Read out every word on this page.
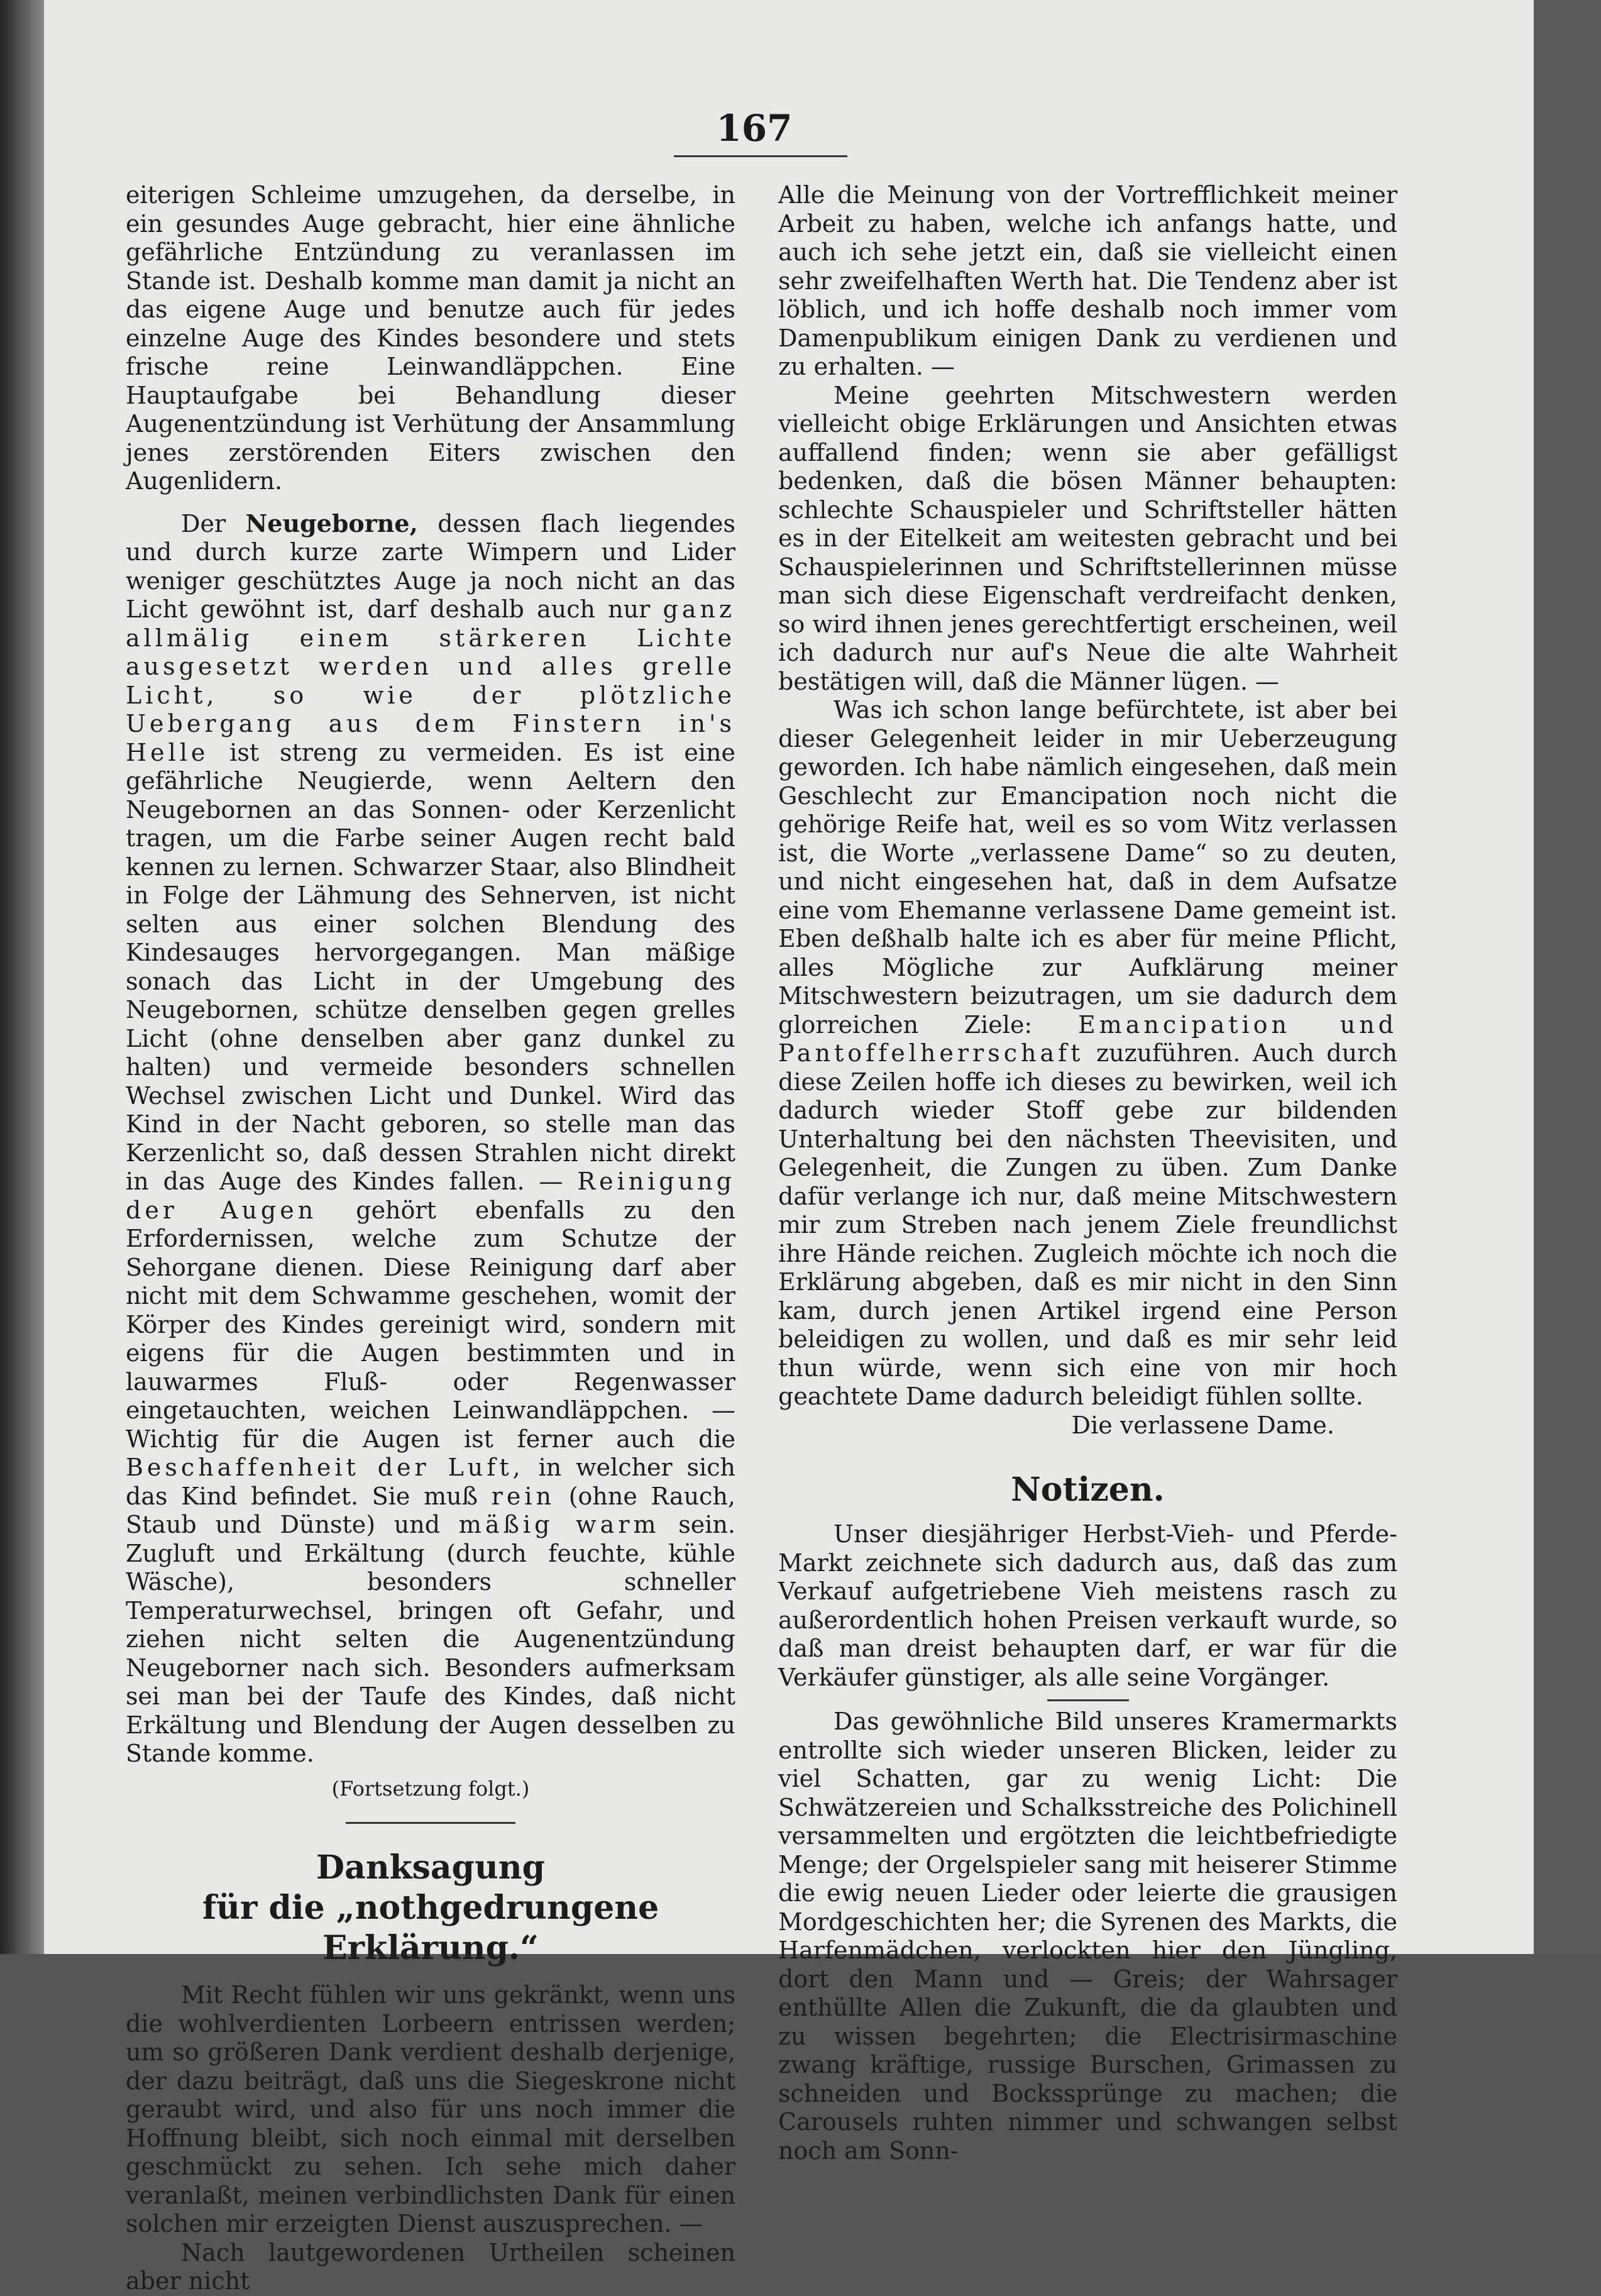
167

eiterigen Schleime umzugehen, da derselbe, in ein gesundes Auge gebracht, hier eine ähnliche gefährliche Entzündung zu veranlassen im Stande ist. Deshalb komme man damit ja nicht an das eigene Auge und benutze auch für jedes einzelne Auge des Kindes besondere und stets frische reine Leinwandläppchen. Eine Hauptaufgabe bei Behandlung dieser Augenentzündung ist Verhütung der Ansammlung jenes zerstörenden Eiters zwischen den Augenlidern.

Der Neugeborne, dessen flach liegendes und durch kurze zarte Wimpern und Lider weniger geschütztes Auge ja noch nicht an das Licht gewöhnt ist, darf deshalb auch nur ganz allmälig einem stärkeren Lichte ausgesetzt werden und alles grelle Licht, so wie der plötzliche Uebergang aus dem Finstern in's Helle ist streng zu vermeiden. Es ist eine gefährliche Neugierde, wenn Aeltern den Neugebornen an das Sonnen- oder Kerzenlicht tragen, um die Farbe seiner Augen recht bald kennen zu lernen. Schwarzer Staar, also Blindheit in Folge der Lähmung des Sehnerven, ist nicht selten aus einer solchen Blendung des Kindesauges hervorgegangen. Man mäßige sonach das Licht in der Umgebung des Neugebornen, schütze denselben gegen grelles Licht (ohne denselben aber ganz dunkel zu halten) und vermeide besonders schnellen Wechsel zwischen Licht und Dunkel. Wird das Kind in der Nacht geboren, so stelle man das Kerzenlicht so, daß dessen Strahlen nicht direkt in das Auge des Kindes fallen. — Reinigung der Augen gehört ebenfalls zu den Erfordernissen, welche zum Schutze der Sehorgane dienen. Diese Reinigung darf aber nicht mit dem Schwamme geschehen, womit der Körper des Kindes gereinigt wird, sondern mit eigens für die Augen bestimmten und in lauwarmes Fluß- oder Regenwasser eingetauchten, weichen Leinwandläppchen. — Wichtig für die Augen ist ferner auch die Beschaffenheit der Luft, in welcher sich das Kind befindet. Sie muß rein (ohne Rauch, Staub und Dünste) und mäßig warm sein. Zugluft und Erkältung (durch feuchte, kühle Wäsche), besonders schneller Temperaturwechsel, bringen oft Gefahr, und ziehen nicht selten die Augenentzündung Neugeborner nach sich. Besonders aufmerksam sei man bei der Taufe des Kindes, daß nicht Erkältung und Blendung der Augen desselben zu Stande komme.

(Fortsetzung folgt.)

Danksagung
für die „nothgedrungene Erklärung.“

Mit Recht fühlen wir uns gekränkt, wenn uns die wohlverdienten Lorbeern entrissen werden; um so größeren Dank verdient deshalb derjenige, der dazu beiträgt, daß uns die Siegeskrone nicht geraubt wird, und also für uns noch immer die Hoffnung bleibt, sich noch einmal mit derselben geschmückt zu sehen. Ich sehe mich daher veranlaßt, meinen verbindlichsten Dank für einen solchen mir erzeigten Dienst auszusprechen. —

Nach lautgewordenen Urtheilen scheinen aber nicht

Alle die Meinung von der Vortrefflichkeit meiner Arbeit zu haben, welche ich anfangs hatte, und auch ich sehe jetzt ein, daß sie vielleicht einen sehr zweifelhaften Werth hat. Die Tendenz aber ist löblich, und ich hoffe deshalb noch immer vom Damenpublikum einigen Dank zu verdienen und zu erhalten. —

Meine geehrten Mitschwestern werden vielleicht obige Erklärungen und Ansichten etwas auffallend finden; wenn sie aber gefälligst bedenken, daß die bösen Männer behaupten: schlechte Schauspieler und Schriftsteller hätten es in der Eitelkeit am weitesten gebracht und bei Schauspielerinnen und Schriftstellerinnen müsse man sich diese Eigenschaft verdreifacht denken, so wird ihnen jenes gerechtfertigt erscheinen, weil ich dadurch nur auf's Neue die alte Wahrheit bestätigen will, daß die Männer lügen. —

Was ich schon lange befürchtete, ist aber bei dieser Gelegenheit leider in mir Ueberzeugung geworden. Ich habe nämlich eingesehen, daß mein Geschlecht zur Emancipation noch nicht die gehörige Reife hat, weil es so vom Witz verlassen ist, die Worte „verlassene Dame“ so zu deuten, und nicht eingesehen hat, daß in dem Aufsatze eine vom Ehemanne verlassene Dame gemeint ist. Eben deßhalb halte ich es aber für meine Pflicht, alles Mögliche zur Aufklärung meiner Mitschwestern beizutragen, um sie dadurch dem glorreichen Ziele: Emancipation und Pantoffelherrschaft zuzuführen. Auch durch diese Zeilen hoffe ich dieses zu bewirken, weil ich dadurch wieder Stoff gebe zur bildenden Unterhaltung bei den nächsten Theevisiten, und Gelegenheit, die Zungen zu üben. Zum Danke dafür verlange ich nur, daß meine Mitschwestern mir zum Streben nach jenem Ziele freundlichst ihre Hände reichen. Zugleich möchte ich noch die Erklärung abgeben, daß es mir nicht in den Sinn kam, durch jenen Artikel irgend eine Person beleidigen zu wollen, und daß es mir sehr leid thun würde, wenn sich eine von mir hoch geachtete Dame dadurch beleidigt fühlen sollte.

Die verlassene Dame.

Notizen.

Unser diesjähriger Herbst-Vieh- und Pferde-Markt zeichnete sich dadurch aus, daß das zum Verkauf aufgetriebene Vieh meistens rasch zu außerordentlich hohen Preisen verkauft wurde, so daß man dreist behaupten darf, er war für die Verkäufer günstiger, als alle seine Vorgänger.

Das gewöhnliche Bild unseres Kramermarkts entrollte sich wieder unseren Blicken, leider zu viel Schatten, gar zu wenig Licht: Die Schwätzereien und Schalksstreiche des Polichinell versammelten und ergötzten die leichtbefriedigte Menge; der Orgelspieler sang mit heiserer Stimme die ewig neuen Lieder oder leierte die grausigen Mordgeschichten her; die Syrenen des Markts, die Harfenmädchen, verlockten hier den Jüngling, dort den Mann und — Greis; der Wahrsager enthüllte Allen die Zukunft, die da glaubten und zu wissen begehrten; die Electrisirmaschine zwang kräftige, russige Burschen, Grimassen zu schneiden und Bockssprünge zu machen; die Carousels ruhten nimmer und schwangen selbst noch am Sonn-
